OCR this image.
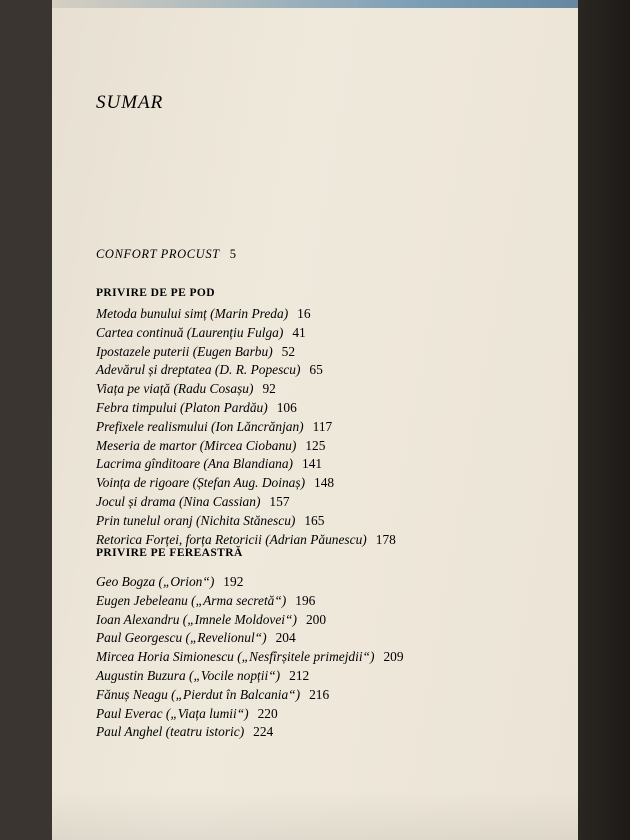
SUMAR
CONFORT PROCUST 5
PRIVIRE DE PE POD
Metoda bunului simț (Marin Preda) 16
Cartea continuă (Laurențiu Fulga) 41
Ipostazele puterii (Eugen Barbu) 52
Adevărul și dreptatea (D. R. Popescu) 65
Viața pe viață (Radu Cosașu) 92
Febra timpului (Platon Pardău) 106
Prefixele realismului (Ion Lăncrănjan) 117
Meseria de martor (Mircea Ciobanu) 125
Lacrima gînditoare (Ana Blandiana) 141
Voința de rigoare (Ștefan Aug. Doinaș) 148
Jocul și drama (Nina Cassian) 157
Prin tunelul oranj (Nichita Stănescu) 165
Retorica Forței, forța Retoricii (Adrian Păunescu) 178
PRIVIRE PE FEREASTRĂ
Geo Bogza („Orion“) 192
Eugen Jebeleanu („Arma secretă“) 196
Ioan Alexandru („Imnele Moldovei“) 200
Paul Georgescu („Revelionul“) 204
Mircea Horia Simionescu („Nesfîrșitele primejdii“) 209
Augustin Buzura („Vocile nopții“) 212
Fănuș Neagu („Pierdut în Balcania“) 216
Paul Everac („Viața lumii“) 220
Paul Anghel (teatru istoric) 224
